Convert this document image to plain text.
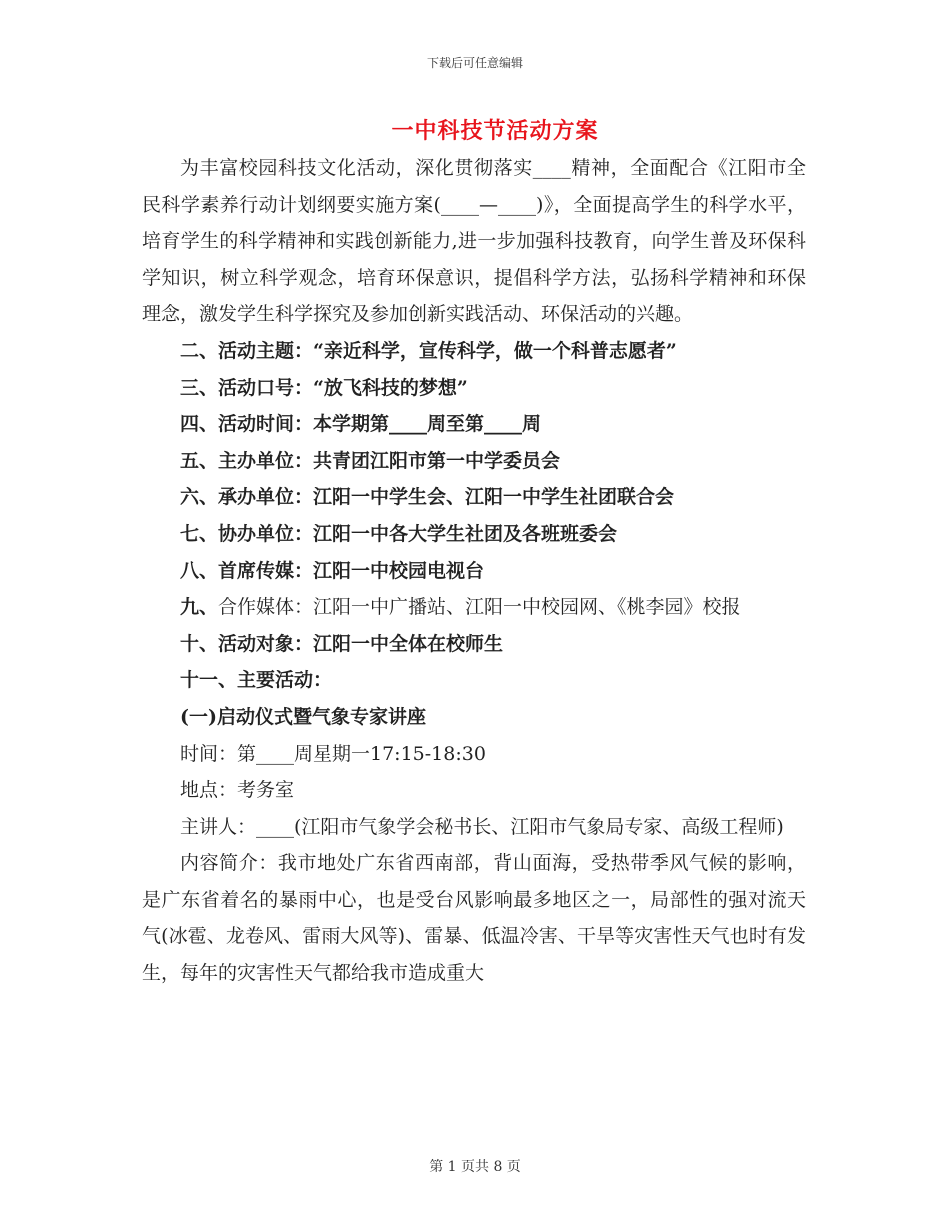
下载后可任意编辑
一中科技节活动方案

为丰富校园科技文化活动，深化贯彻落实____精神，全面配合《江阳市全民科学素养行动计划纲要实施方案(____—____)》，全面提高学生的科学水平，培育学生的科学精神和实践创新能力,进一步加强科技教育，向学生普及环保科学知识，树立科学观念，培育环保意识，提倡科学方法，弘扬科学精神和环保理念，激发学生科学探究及参加创新实践活动、环保活动的兴趣。

二、活动主题：“亲近科学，宣传科学，做一个科普志愿者”

三、活动口号：“放飞科技的梦想”

四、活动时间：本学期第____周至第____周

五、主办单位：共青团江阳市第一中学委员会

六、承办单位：江阳一中学生会、江阳一中学生社团联合会

七、协办单位：江阳一中各大学生社团及各班班委会

八、首席传媒：江阳一中校园电视台

九、合作媒体：江阳一中广播站、江阳一中校园网、《桃李园》校报

十、活动对象：江阳一中全体在校师生

十一、主要活动：

(一)启动仪式暨气象专家讲座

时间：第____周星期一17:15-18:30

地点：考务室

主讲人：____(江阳市气象学会秘书长、江阳市气象局专家、高级工程师)

内容简介：我市地处广东省西南部，背山面海，受热带季风气候的影响，是广东省着名的暴雨中心，也是受台风影响最多地区之一，局部性的强对流天气(冰雹、龙卷风、雷雨大风等)、雷暴、低温冷害、干旱等灾害性天气也时有发生，每年的灾害性天气都给我市造成重大

第 1 页共 8 页
